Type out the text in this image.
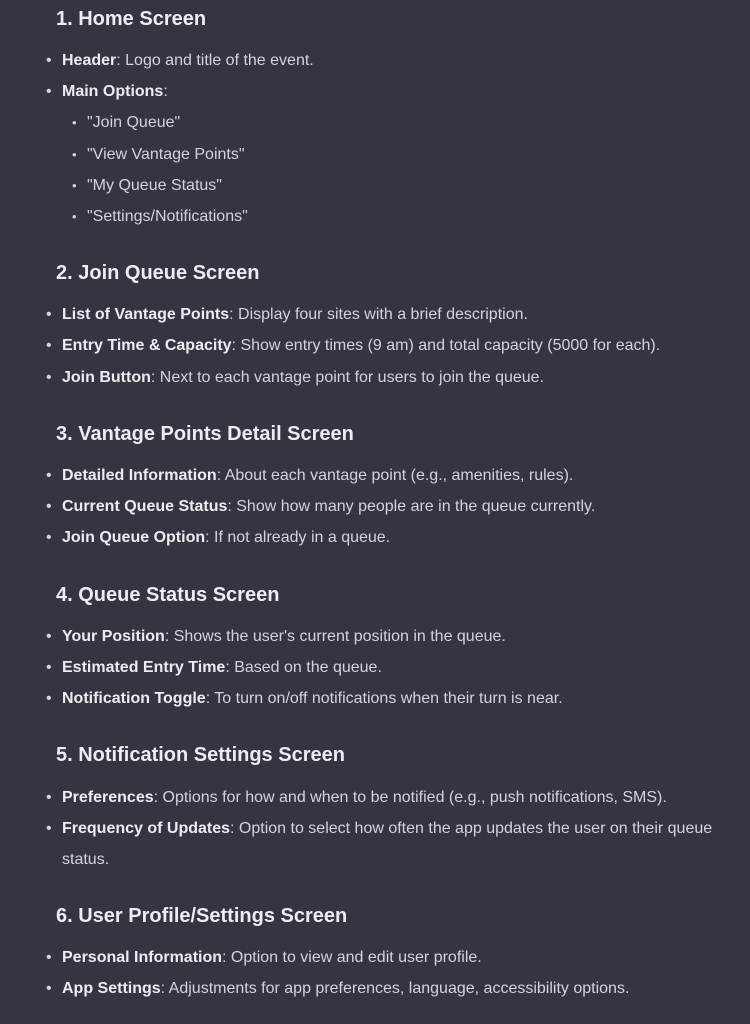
1. Home Screen
• Header: Logo and title of the event.
• Main Options:
• "Join Queue"
• "View Vantage Points"
• "My Queue Status"
• "Settings/Notifications"
2. Join Queue Screen
• List of Vantage Points: Display four sites with a brief description.
• Entry Time & Capacity: Show entry times (9 am) and total capacity (5000 for each).
• Join Button: Next to each vantage point for users to join the queue.
3. Vantage Points Detail Screen
• Detailed Information: About each vantage point (e.g., amenities, rules).
• Current Queue Status: Show how many people are in the queue currently.
• Join Queue Option: If not already in a queue.
4. Queue Status Screen
• Your Position: Shows the user's current position in the queue.
• Estimated Entry Time: Based on the queue.
• Notification Toggle: To turn on/off notifications when their turn is near.
5. Notification Settings Screen
• Preferences: Options for how and when to be notified (e.g., push notifications, SMS).
• Frequency of Updates: Option to select how often the app updates the user on their queue status.
6. User Profile/Settings Screen
• Personal Information: Option to view and edit user profile.
• App Settings: Adjustments for app preferences, language, accessibility options.
